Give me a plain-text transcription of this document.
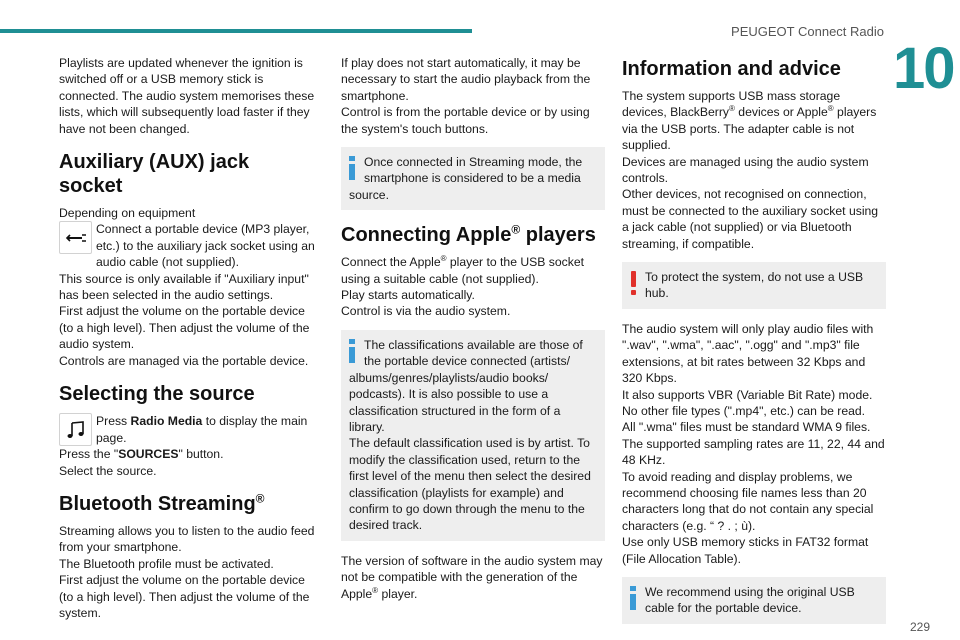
PEUGEOT Connect Radio
10

Playlists are updated whenever the ignition is switched off or a USB memory stick is connected. The audio system memorises these lists, which will subsequently load faster if they have not been changed.

Auxiliary (AUX) jack socket

Depending on equipment

Connect a portable device (MP3 player, etc.) to the auxiliary jack socket using an audio cable (not supplied).

This source is only available if "Auxiliary input" has been selected in the audio settings.

First adjust the volume on the portable device (to a high level). Then adjust the volume of the audio system.

Controls are managed via the portable device.

Selecting the source

Press Radio Media to display the main page.

Press the "SOURCES" button.

Select the source.

Bluetooth Streaming®

Streaming allows you to listen to the audio feed from your smartphone.

The Bluetooth profile must be activated.

First adjust the volume on the portable device (to a high level). Then adjust the volume of the system.

If play does not start automatically, it may be necessary to start the audio playback from the smartphone.

Control is from the portable device or by using the system's touch buttons.

Once connected in Streaming mode, the smartphone is considered to be a media source.

Connecting Apple® players

Connect the Apple® player to the USB socket using a suitable cable (not supplied).

Play starts automatically.

Control is via the audio system.

The classifications available are those of the portable device connected (artists/ albums/genres/playlists/audio books/ podcasts). It is also possible to use a classification structured in the form of a library.

The default classification used is by artist. To modify the classification used, return to the first level of the menu then select the desired classification (playlists for example) and confirm to go down through the menu to the desired track.

The version of software in the audio system may not be compatible with the generation of the Apple® player.

Information and advice

The system supports USB mass storage devices, BlackBerry® devices or Apple® players via the USB ports. The adapter cable is not supplied.

Devices are managed using the audio system controls.

Other devices, not recognised on connection, must be connected to the auxiliary socket using a jack cable (not supplied) or via Bluetooth streaming, if compatible.

To protect the system, do not use a USB hub.

The audio system will only play audio files with ".wav", ".wma", ".aac", ".ogg" and ".mp3" file extensions, at bit rates between 32 Kbps and 320 Kbps.

It also supports VBR (Variable Bit Rate) mode.

No other file types (".mp4", etc.) can be read.

All ".wma" files must be standard WMA 9 files.

The supported sampling rates are 11, 22, 44 and 48 KHz.

To avoid reading and display problems, we recommend choosing file names less than 20 characters long that do not contain any special characters (e.g. “ ? . ; ù).

Use only USB memory sticks in FAT32 format (File Allocation Table).

We recommend using the original USB cable for the portable device.

229
